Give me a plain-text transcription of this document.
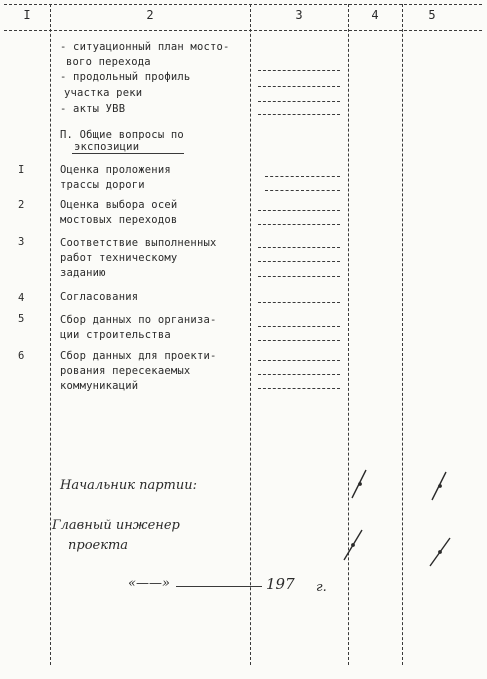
I	2	3	4	5
- ситуационный план мосто-
вого перехода
- продольный профиль
участка реки
- акты УВВ
П. Общие вопросы по
экспозиции
I	Оценка проложения
трассы дороги
2	Оценка выбора осей
мостовых переходов
3	Соответствие выполненных
работ техническому
заданию
4	Согласования
5	Сбор данных по организа-
ции строительства
6	Сбор данных для проекти-
рования пересекаемых
коммуникаций
Начальник партии:
Главный инженер
проекта
«——»	197 г.
